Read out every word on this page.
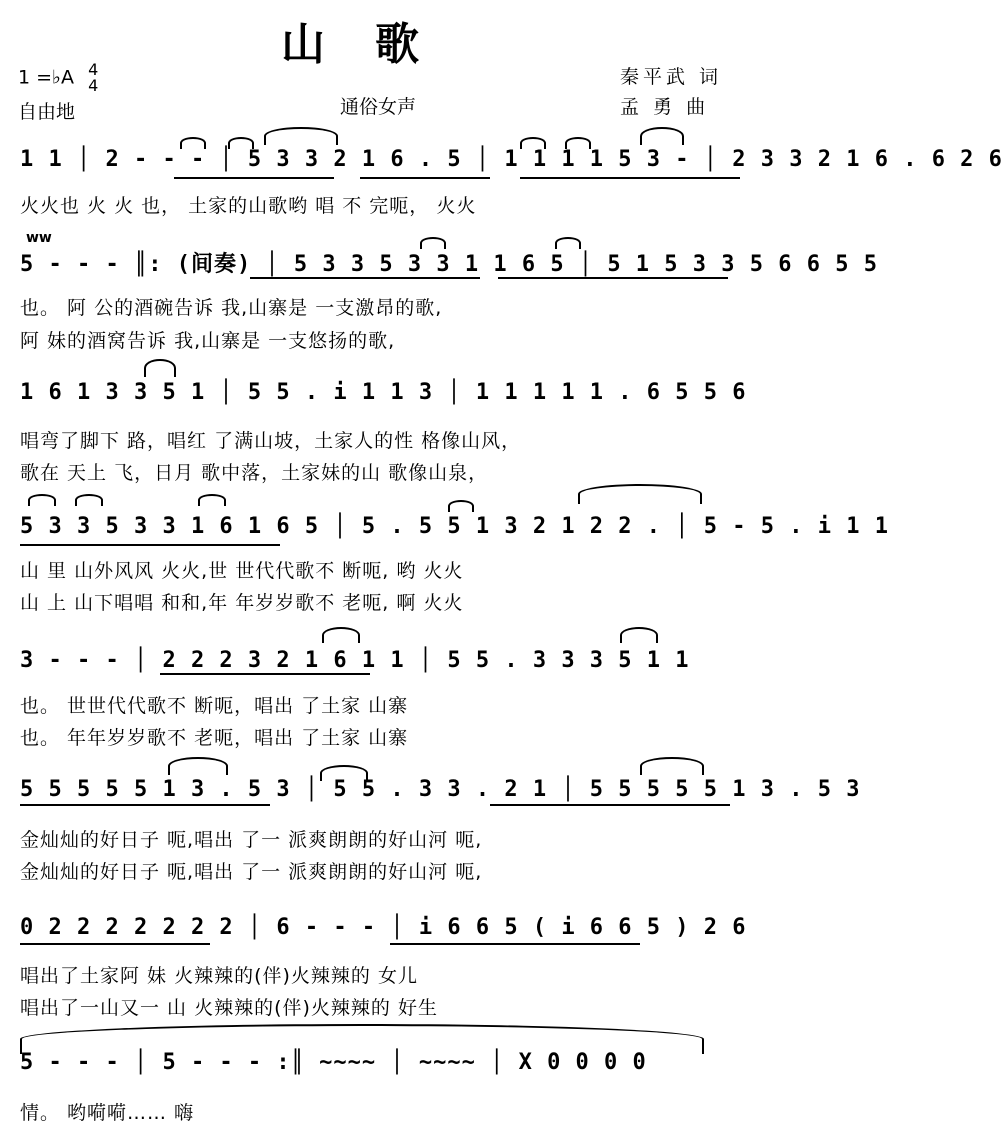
山歌
1 =♭A 4
4
自由地	通俗女声
秦平武 词
孟 勇 曲
1 1 │ 2 - - - │ 5 3 3 2 1 6 . 5 │ 1 1 1 1 5 3 - │ 2 3 3 2 1 6 . 6 2 6
火火也 火 火 也， 土家的山歌哟 唱 不 完呃， 火火
ww
5 - - - ║: (间奏) │ 5 3 3 5 3 3 1 1 6 5 │ 5 1 5 3 3 5 6 6 5 5
也。 阿 公的酒碗告诉 我,山寨是 一支激昂的歌,
阿 妹的酒窝告诉 我,山寨是 一支悠扬的歌,
1 6 1 3 3 5 1 │ 5 5 . i 1 1 3 │ 1 1 1 1 1 . 6 5 5 6
唱弯了脚下 路，唱红 了满山坡，土家人的性 格像山风，
歌在 天上 飞，日月 歌中落，土家妹的山 歌像山泉，
5 3 3 5 3 3 1 6 1 6 5 │ 5 . 5 5 1 3 2 1 2 2 . │ 5 - 5 . i 1 1
山 里 山外风风 火火,世 世代代歌不 断呃, 哟 火火
山 上 山下唱唱 和和,年 年岁岁歌不 老呃, 啊 火火
3 - - - │ 2 2 2 3 2 1 6 1 1 │ 5 5 . 3 3 3 5 1 1
也。 世世代代歌不 断呃，唱出 了土家 山寨
也。 年年岁岁歌不 老呃，唱出 了土家 山寨
5 5 5 5 5 1 3 . 5 3 │ 5 5 . 3 3 . 2 1 │ 5 5 5 5 5 1 3 . 5 3
金灿灿的好日子 呃,唱出 了一 派爽朗朗的好山河 呃,
金灿灿的好日子 呃,唱出 了一 派爽朗朗的好山河 呃,
0 2 2 2 2 2 2 2 │ 6 - - - │ i 6 6 5 ( i 6 6 5 ) 2 6
唱出了土家阿 妹 火辣辣的(伴)火辣辣的 女儿
唱出了一山又一 山 火辣辣的(伴)火辣辣的 好生
5 - - - │ 5 - - - :║ ~~~~ │ ~~~~ │ X 0 0 0 0
情。 哟嗬嗬…… 嗨
